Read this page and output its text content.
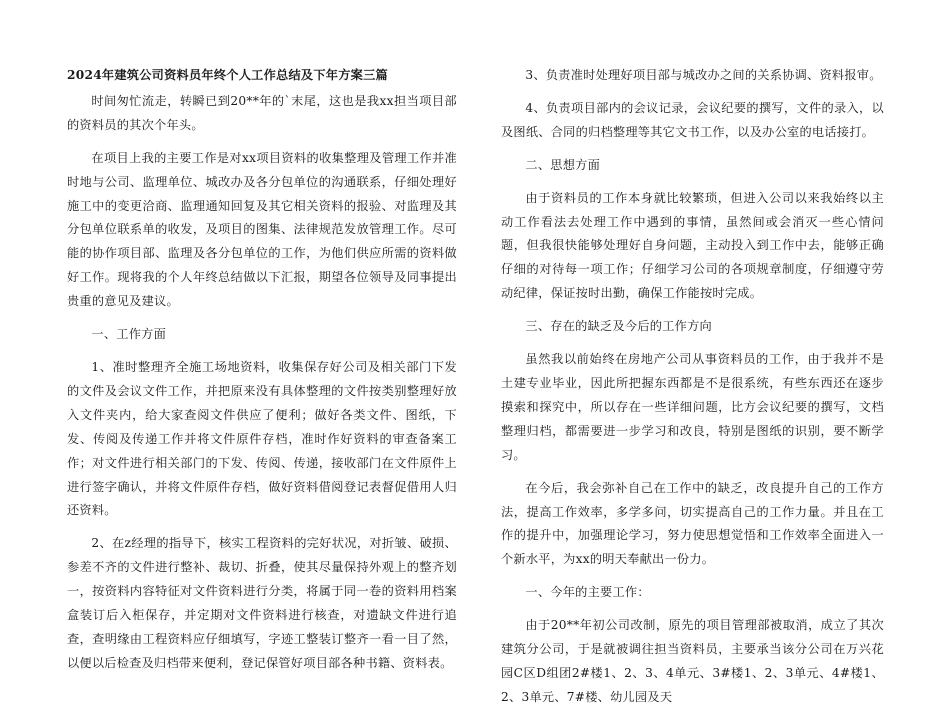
2024年建筑公司资料员年终个人工作总结及下年方案三篇

时间匆忙流走，转瞬已到20**年的`末尾，这也是我xx担当项目部的资料员的其次个年头。

在项目上我的主要工作是对xx项目资料的收集整理及管理工作并准时地与公司、监理单位、城改办及各分包单位的沟通联系，仔细处理好施工中的变更洽商、监理通知回复及其它相关资料的报验、对监理及其分包单位联系单的收发，及项目的图集、法律规范发放管理工作。尽可能的协作项目部、监理及各分包单位的工作，为他们供应所需的资料做好工作。现将我的个人年终总结做以下汇报，期望各位领导及同事提出贵重的意见及建议。

一、工作方面

1、准时整理齐全施工场地资料，收集保存好公司及相关部门下发的文件及会议文件工作，并把原来没有具体整理的文件按类别整理好放入文件夹内，给大家查阅文件供应了便利；做好各类文件、图纸，下发、传阅及传递工作并将文件原件存档，准时作好资料的审查备案工作；对文件进行相关部门的下发、传阅、传递，接收部门在文件原件上进行签字确认，并将文件原件存档，做好资料借阅登记表督促借用人归还资料。

2、在z经理的指导下，核实工程资料的完好状况，对折皱、破损、参差不齐的文件进行整补、裁切、折叠，使其尽量保持外观上的整齐划一，按资料内容特征对文件资料进行分类，将属于同一卷的资料用档案盒装订后入柜保存，并定期对文件资料进行核查，对遗缺文件进行追查，查明缘由工程资料应仔细填写，字迹工整装订整齐一看一目了然，以便以后检查及归档带来便利，登记保管好项目部各种书籍、资料表。

3、负责准时处理好项目部与城改办之间的关系协调、资料报审。

4、负责项目部内的会议记录，会议纪要的撰写，文件的录入，以及图纸、合同的归档整理等其它文书工作，以及办公室的电话接打。

二、思想方面

由于资料员的工作本身就比较繁琐，但进入公司以来我始终以主动工作看法去处理工作中遇到的事情，虽然间或会消灭一些心情问题，但我很快能够处理好自身问题，主动投入到工作中去，能够正确仔细的对待每一项工作；仔细学习公司的各项规章制度，仔细遵守劳动纪律，保证按时出勤，确保工作能按时完成。

三、存在的缺乏及今后的工作方向

虽然我以前始终在房地产公司从事资料员的工作，由于我并不是土建专业毕业，因此所把握东西都是不是很系统，有些东西还在逐步摸索和探究中，所以存在一些详细问题，比方会议纪要的撰写，文档整理归档，都需要进一步学习和改良，特别是图纸的识别，要不断学习。

在今后，我会弥补自己在工作中的缺乏，改良提升自己的工作方法，提高工作效率，多学多问，切实提高自己的工作力量。并且在工作的提升中，加强理论学习，努力使思想觉悟和工作效率全面进入一个新水平，为xx的明天奉献出一份力。

一、今年的主要工作：

由于20**年初公司改制，原先的项目管理部被取消，成立了其次建筑分公司，于是就被调往担当资料员，主要承当该分公司在万兴花园C区D组团2#楼1、2、3、4单元、3#楼1、2、3单元、4#楼1、2、3单元、7#楼、幼儿园及天
